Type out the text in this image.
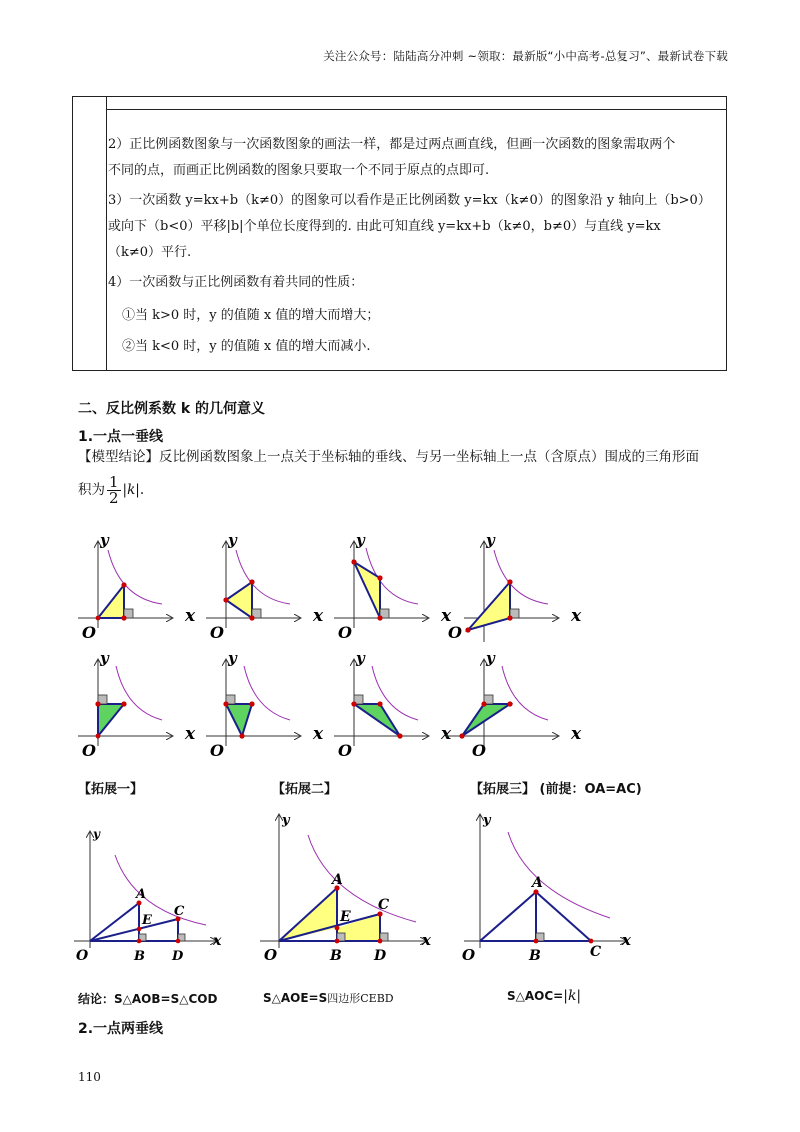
关注公众号：陆陆高分冲刺 ~领取：最新版“小中高考-总复习”、最新试卷下载
2）正比例函数图象与一次函数图象的画法一样，都是过两点画直线，但画一次函数的图象需取两个
不同的点，而画正比例函数的图象只要取一个不同于原点的点即可.
3）一次函数 y=kx+b（k≠0）的图象可以看作是正比例函数 y=kx（k≠0）的图象沿 y 轴向上（b>0）
或向下（b<0）平移|b|个单位长度得到的. 由此可知直线 y=kx+b（k≠0，b≠0）与直线 y=kx
（k≠0）平行.
4）一次函数与正比例函数有着共同的性质：
①当 k>0 时，y 的值随 x 值的增大而增大；
②当 k<0 时，y 的值随 x 值的增大而减小.
二、反比例系数 k 的几何意义
1.一点一垂线
【模型结论】反比例函数图象上一点关于坐标轴的垂线、与另一坐标轴上一点（含原点）围成的三角形面
积为 $\frac{1}{2} |k|$.
x
y
O
x
y
O
x
y
O
x
y
O
x
y
O
x
y
O
x
y
O
x
y
O
【拓展一】	【拓展二】	【拓展三】 (前提：OA=AC)
x
y
O
A
E
C
B D
x
y
O
A
E
C
B D
x
y
O
A
B	C
结论：S△AOB=S△COD	S△AOE=S四边形CEBD	S△AOC=|k|
2.一点两垂线
110
